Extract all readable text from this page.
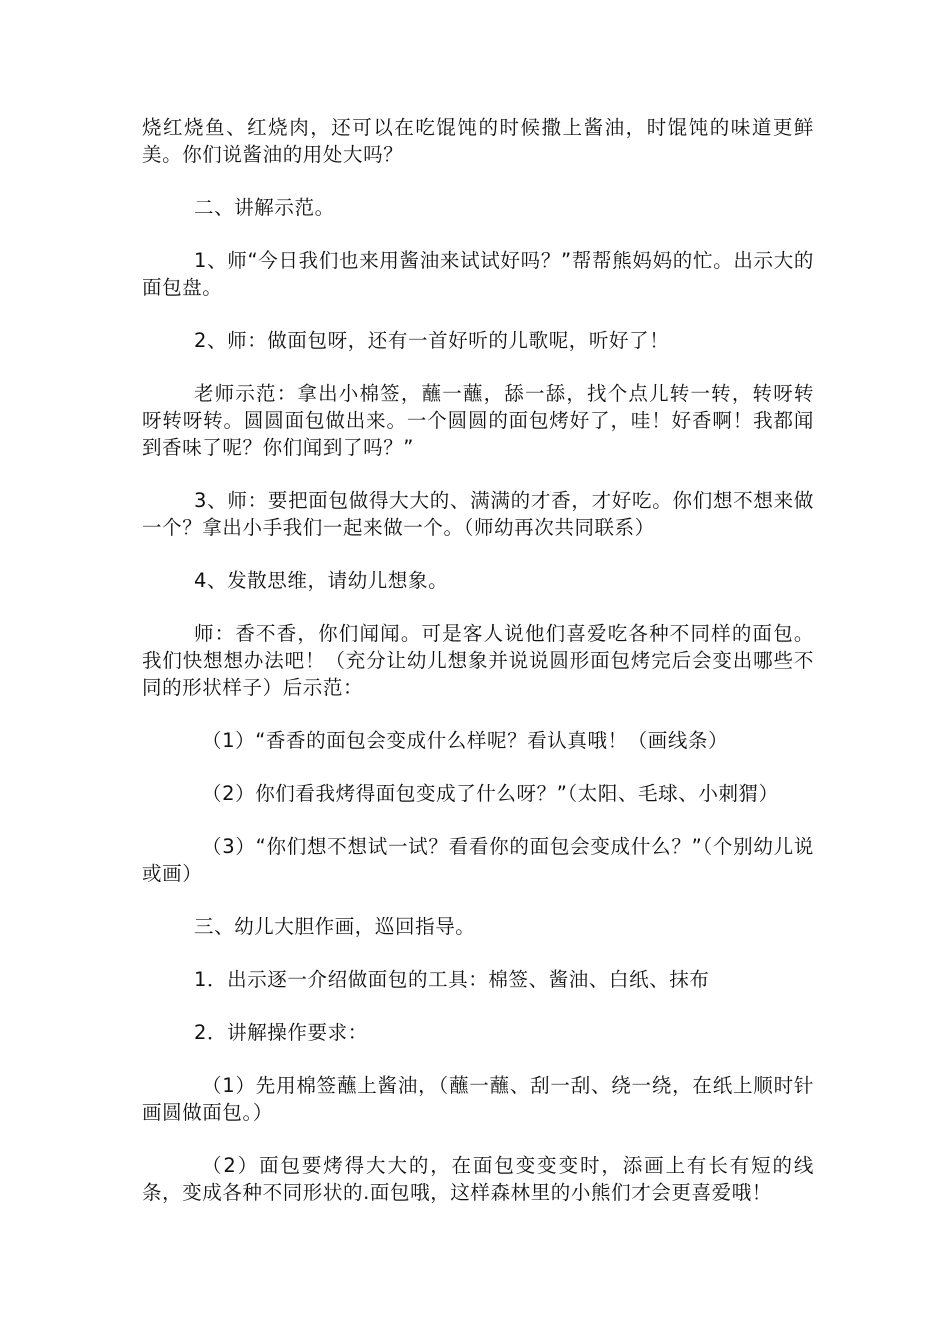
烧红烧鱼、红烧肉，还可以在吃馄饨的时候撒上酱油，时馄饨的味道更鲜美。你们说酱油的用处大吗？

二、讲解示范。

1、师“今日我们也来用酱油来试试好吗？”帮帮熊妈妈的忙。出示大的面包盘。

2、师：做面包呀，还有一首好听的儿歌呢，听好了！

老师示范：拿出小棉签，蘸一蘸，舔一舔，找个点儿转一转，转呀转呀转呀转。圆圆面包做出来。一个圆圆的面包烤好了，哇！好香啊！我都闻到香味了呢？你们闻到了吗？”

3、师：要把面包做得大大的、满满的才香，才好吃。你们想不想来做一个？拿出小手我们一起来做一个。（师幼再次共同联系）

4、发散思维，请幼儿想象。

师：香不香，你们闻闻。可是客人说他们喜爱吃各种不同样的面包。我们快想想办法吧！（充分让幼儿想象并说说圆形面包烤完后会变出哪些不同的形状样子）后示范：

（1）“香香的面包会变成什么样呢？看认真哦！（画线条）

（2）你们看我烤得面包变成了什么呀？”（太阳、毛球、小刺猬）

（3）“你们想不想试一试？看看你的面包会变成什么？”（个别幼儿说或画）

三、幼儿大胆作画，巡回指导。

1．出示逐一介绍做面包的工具：棉签、酱油、白纸、抹布

2．讲解操作要求：

（1）先用棉签蘸上酱油，（蘸一蘸、刮一刮、绕一绕，在纸上顺时针画圆做面包。）

（2）面包要烤得大大的，在面包变变变时，添画上有长有短的线条，变成各种不同形状的.面包哦，这样森林里的小熊们才会更喜爱哦！
